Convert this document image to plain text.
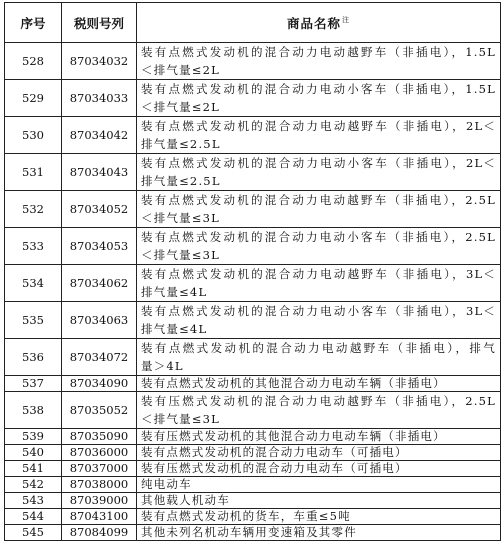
序号	税则号列	商品名称$^注$
528	87034032	装有点燃式发动机的混合动力电动越野车（非插电），1.5L
＜排气量≤2L

529	87034033	装有点燃式发动机的混合动力电动小客车（非插电），1.5L
＜排气量≤2L

530	87034042	装有点燃式发动机的混合动力电动越野车（非插电），2L＜
排气量≤2.5L

531	87034043	装有点燃式发动机的混合动力电动小客车（非插电），2L＜
排气量≤2.5L

532	87034052	装有点燃式发动机的混合动力电动越野车（非插电），2.5L
＜排气量≤3L

533	87034053	装有点燃式发动机的混合动力电动小客车（非插电），2.5L
＜排气量≤3L

534	87034062	装有点燃式发动机的混合动力电动越野车（非插电），3L＜
排气量≤4L

535	87034063	装有点燃式发动机的混合动力电动小客车（非插电），3L＜
排气量≤4L

536	87034072	装有点燃式发动机的混合动力电动越野车（非插电），排气
量＞4L

537	87034090	装有点燃式发动机的其他混合动力电动车辆（非插电）

538	87035052	装有压燃式发动机的混合动力电动越野车（非插电），2.5L
＜排气量≤3L

539	87035090	装有压燃式发动机的其他混合动力电动车辆（非插电）

540	87036000	装有点燃式发动机的混合动力电动车（可插电）

541	87037000	装有压燃式发动机的混合动力电动车（可插电）

542	87038000	纯电动车

543	87039000	其他载人机动车

544	87043100	装有点燃式发动机的货车，车重≤5吨

545	87084099	其他未列名机动车辆用变速箱及其零件
